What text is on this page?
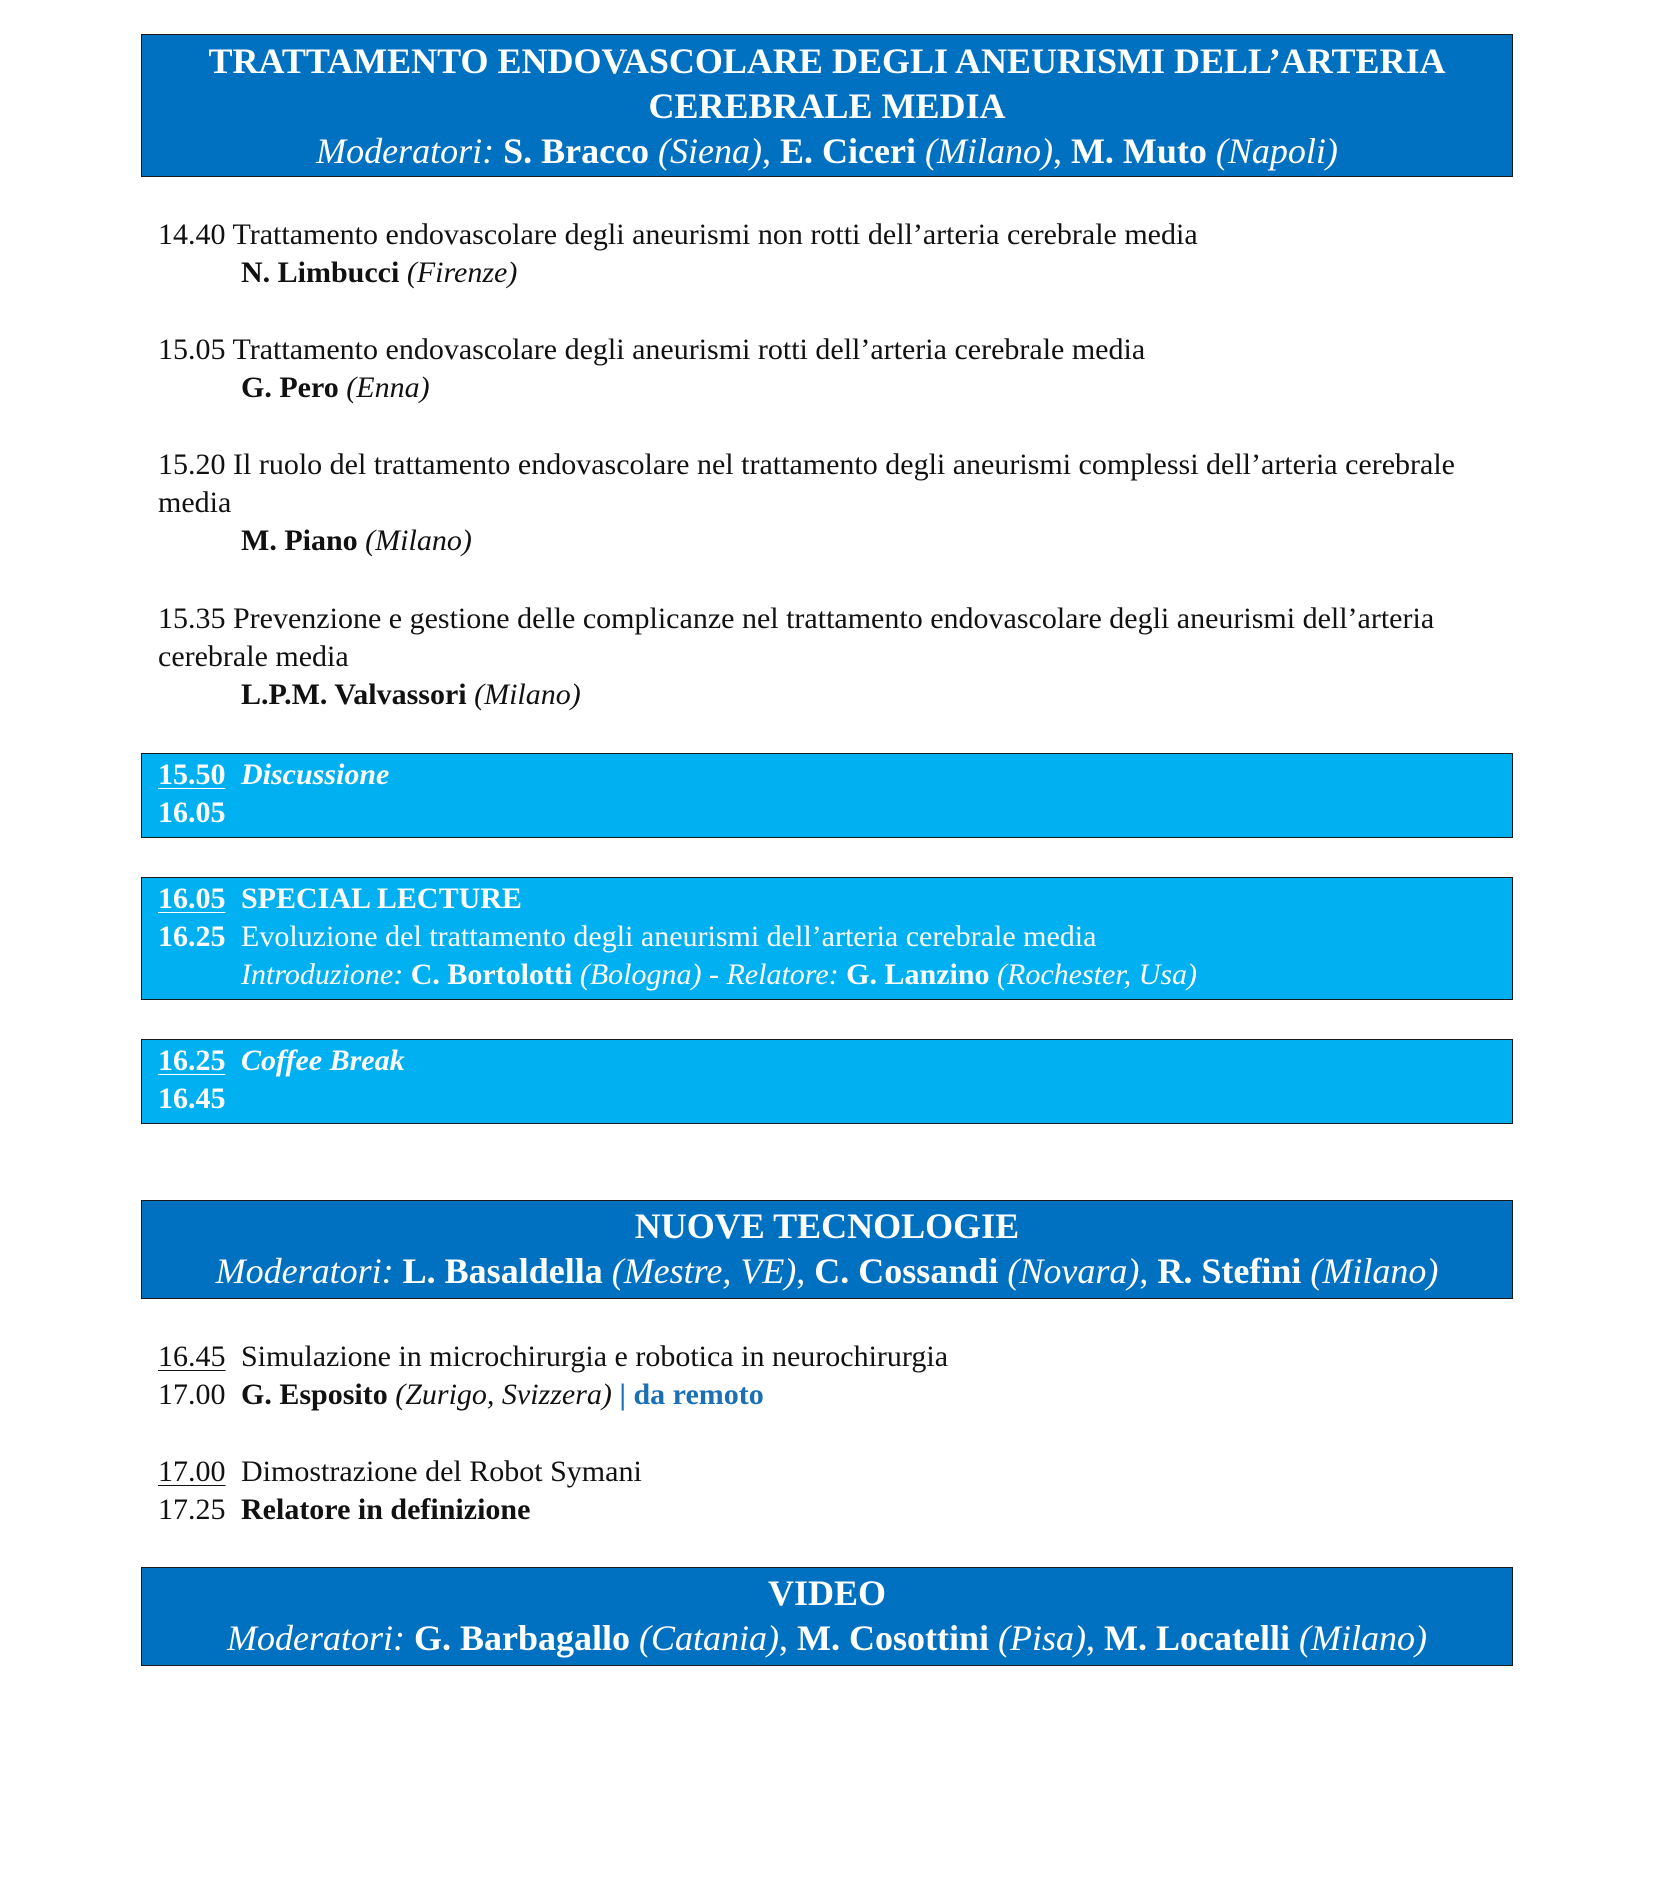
TRATTAMENTO ENDOVASCOLARE DEGLI ANEURISMI DELL’ARTERIA
CEREBRALE MEDIA
Moderatori: S. Bracco (Siena), E. Ciceri (Milano), M. Muto (Napoli)
14.40 Trattamento endovascolare degli aneurismi non rotti dell’arteria cerebrale media
N. Limbucci (Firenze)
15.05 Trattamento endovascolare degli aneurismi rotti dell’arteria cerebrale media
G. Pero (Enna)
15.20 Il ruolo del trattamento endovascolare nel trattamento degli aneurismi complessi dell’arteria cerebrale media
M. Piano (Milano)
15.35 Prevenzione e gestione delle complicanze nel trattamento endovascolare degli aneurismi dell’arteria cerebrale media
L.P.M. Valvassori (Milano)
15.50 Discussione
16.05
16.05 SPECIAL LECTURE
16.25 Evoluzione del trattamento degli aneurismi dell’arteria cerebrale media
Introduzione: C. Bortolotti (Bologna) - Relatore: G. Lanzino (Rochester, Usa)
16.25 Coffee Break
16.45
NUOVE TECNOLOGIE
Moderatori: L. Basaldella (Mestre, VE), C. Cossandi (Novara), R. Stefini (Milano)
16.45 Simulazione in microchirurgia e robotica in neurochirurgia
17.00 G. Esposito (Zurigo, Svizzera) | da remoto
17.00 Dimostrazione del Robot Symani
17.25 Relatore in definizione
VIDEO
Moderatori: G. Barbagallo (Catania), M. Cosottini (Pisa), M. Locatelli (Milano)
